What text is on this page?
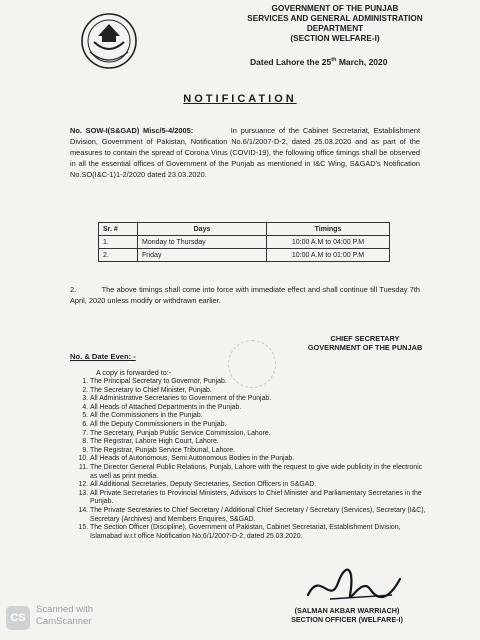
GOVERNMENT OF THE PUNJAB
SERVICES AND GENERAL ADMINISTRATION
DEPARTMENT
(SECTION WELFARE-I)
Dated Lahore the 25th March, 2020
NOTIFICATION
No. SOW-I(S&GAD) Misc/5-4/2005:	In pursuance of the Cabinet Secretariat, Establishment Division, Government of Pakistan, Notification No.6/1/2007-D-2, dated 25.03.2020 and as part of the measures to contain the spread of Corona Virus (COVID-19), the following office timings shall be observed in all the essential offices of Government of the Punjab as mentioned in I&C Wing, S&GAD's Notification No.SO(I&C-1)1-2/2020 dated 23.03.2020.
Sr. #	Days	Timings
1.	Monday to Thursday	10:00 A.M to 04:00 P.M
2.	Friday	10:00 A.M to 01:00 P.M
2.           The above timings shall come into force with immediate effect and shall continue till Tuesday 7th April, 2020 unless modify or withdrawn earlier.
CHIEF SECRETARY
GOVERNMENT OF THE PUNJAB
No. & Date Even: -
A copy is forwarded to:-
1. The Principal Secretary to Governor, Punjab.
2. The Secretary to Chief Minister, Punjab.
3. All Administrative Secretaries to Government of the Punjab.
4. All Heads of Attached Departments in the Punjab.
5. All the Commissioners in the Punjab.
6. All the Deputy Commissioners in the Punjab.
7. The Secretary, Punjab Public Service Commission, Lahore.
8. The Registrar, Lahore High Court, Lahore.
9. The Registrar, Punjab Service Tribunal, Lahore.
10. All Heads of Autonomous, Semi Autonomous Bodies in the Punjab.
11. The Director General Public Relations, Punjab, Lahore with the request to give wide publicity in the electronic as well as print media.
12. All Additional Secretaries, Deputy Secretaries, Section Officers in S&GAD.
13. All Private Secretaries to Provincial Ministers, Advisors to Chief Minister and Parliamentary Secretaries in the Punjab.
14. The Private Secretaries to Chief Secretary / Additional Chief Secretary / Secretary (Services), Secretary (I&C), Secretary (Archives) and Members Enquires, S&GAD.
15. The Section Officer (Discipline), Government of Pakistan, Cabinet Secretariat, Establishment Division, Islamabad w.r.t office Notification No.6/1/2007-D-2, dated 25.03.2020.
(SALMAN AKBAR WARRIACH)
SECTION OFFICER (WELFARE-I)
CS
Scanned with
CamScanner
